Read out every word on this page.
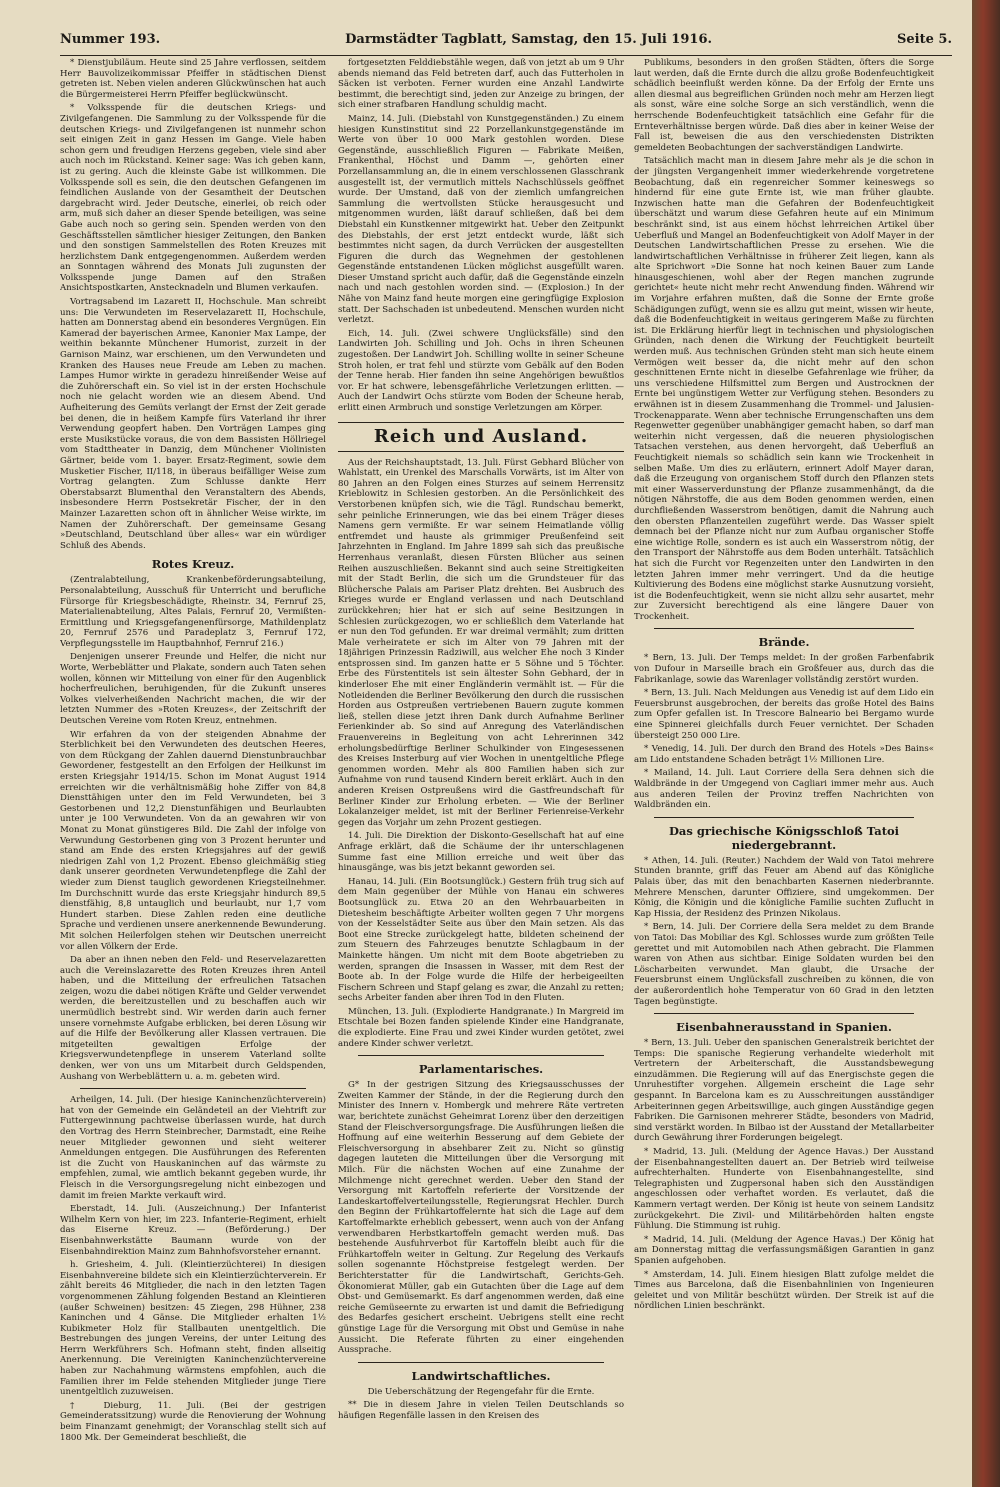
Nummer 193.	Darmstädter Tagblatt, Samstag, den 15. Juli 1916.	Seite 5.

* Dienstjubiläum. Heute sind 25 Jahre verflossen, seitdem Herr Bauvolizeikommissar Pfeiffer in städtischen Dienst getreten ist. Neben vielen anderen Glückwünschen hat auch die Bürgermeisterei Herrn Pfeiffer beglückwünscht.

* Volksspende für die deutschen Kriegs- und Zivilgefangenen. Die Sammlung zu der Volksspende für die deutschen Kriegs- und Zivilgefangenen ist nunmehr schon seit einigen Zeit in ganz Hessen im Gange. Viele haben schon gern und freudigen Herzens gegeben, viele sind aber auch noch im Rückstand. Keiner sage: Was ich geben kann, ist zu gering. Auch die kleinste Gabe ist willkommen. Die Volksspende soll es sein, die den deutschen Gefangenen im feindlichen Auslande von der Gesamtheit der Deutschen dargebracht wird. Jeder Deutsche, einerlei, ob reich oder arm, muß sich daher an dieser Spende beteiligen, was seine Gabe auch noch so gering sein. Spenden werden von den Geschäftsstellen sämtlicher hiesiger Zeitungen, den Banken und den sonstigen Sammelstellen des Roten Kreuzes mit herzlichstem Dank entgegengenommen. Außerdem werden an Sonntagen während des Monats Juli zugunsten der Volksspende junge Damen auf den Straßen Ansichtspostkarten, Anstecknadeln und Blumen verkaufen.

Vortragsabend im Lazarett II, Hochschule. Man schreibt uns: Die Verwundeten im Reservelazarett II, Hochschule, hatten am Donnerstag abend ein besonderes Vergnügen. Ein Kamerad der bayerischen Armee, Kanonier Max Lampe, der weithin bekannte Münchener Humorist, zurzeit in der Garnison Mainz, war erschienen, um den Verwundeten und Kranken des Hauses neue Freude am Leben zu machen. Lampes Humor wirkte in geradezu hinreißender Weise auf die Zuhörerschaft ein. So viel ist in der ersten Hochschule noch nie gelacht worden wie an diesem Abend. Und Aufheiterung des Gemüts verlangt der Ernst der Zeit gerade bei denen, die in heißem Kampfe fürs Vaterland ihr ihrer Verwendung geopfert haben. Den Vorträgen Lampes ging erste Musikstücke voraus, die von dem Bassisten Höllriegel vom Stadttheater in Danzig, dem Münchener Violinisten Gärtner, beide vom 1. bayer. Ersatz-Regiment, sowie dem Musketier Fischer, II/118, in überaus beifälliger Weise zum Vortrag gelangten. Zum Schlusse dankte Herr Oberstabsarzt Blumenthal den Veranstaltern des Abends, insbesondere Herrn Postsekretär Fischer, der in den Mainzer Lazaretten schon oft in ähnlicher Weise wirkte, im Namen der Zuhörerschaft. Der gemeinsame Gesang »Deutschland, Deutschland über alles« war ein würdiger Schluß des Abends.

Rotes Kreuz.

(Zentralabteilung, Krankenbeförderungsabteilung, Personalabteilung, Ausschuß für Unterricht und berufliche Fürsorge für Kriegsbeschädigte, Rheinstr. 34, Fernruf 25, Materialienabteilung, Altes Palais, Fernruf 20, Vermißten-Ermittlung und Kriegsgefangenenfürsorge, Mathildenplatz 20, Fernruf 2576 und Paradeplatz 3, Fernruf 172, Verpflegungsstelle im Hauptbahnhof, Fernruf 216.)

Denjenigen unserer Freunde und Helfer, die nicht nur Worte, Werbeblätter und Plakate, sondern auch Taten sehen wollen, können wir Mitteilung von einer für den Augenblick hocherfreulichen, beruhigenden, für die Zukunft unseres Volkes vielverheißenden Nachricht machen, die wir der letzten Nummer des »Roten Kreuzes«, der Zeitschrift der Deutschen Vereine vom Roten Kreuz, entnehmen.

Wir erfahren da von der steigenden Abnahme der Sterblichkeit bei den Verwundeten des deutschen Heeres, von dem Rückgang der Zahlen dauernd Dienstunbrauchbar Gewordener, festgestellt an den Erfolgen der Heilkunst im ersten Kriegsjahr 1914/15. Schon im Monat August 1914 erreichten wir die verhältnismäßig hohe Ziffer von 84,8 Diensttähigen unter den im Feld Verwundeten, bei 3 Gestorbenen und 12,2 Dienstunfähigen und Beurlaubten unter je 100 Verwundeten. Von da an gewahren wir von Monat zu Monat günstigeres Bild. Die Zahl der infolge von Verwundung Gestorbenen ging von 3 Prozent herunter und stand am Ende des ersten Kriegsjahres auf der gewiß niedrigen Zahl von 1,2 Prozent. Ebenso gleichmäßig stieg dank unserer geordneten Verwundetenpflege die Zahl der wieder zum Dienst tauglich gewordenen Kriegsteilnehmer. Im Durchschnitt wurde das erste Kriegsjahr hindurch 89,5 dienstfähig, 8,8 untauglich und beurlaubt, nur 1,7 vom Hundert starben. Diese Zahlen reden eine deutliche Sprache und verdienen unsere anerkennende Bewunderung. Mit solchen Heilerfolgen stehen wir Deutschen unerreicht vor allen Völkern der Erde.

Da aber an ihnen neben den Feld- und Reservelazaretten auch die Vereinslazarette des Roten Kreuzes ihren Anteil haben, und die Mitteilung der erfreulichen Tatsachen zeigen, wozu die dabei nötigen Kräfte und Gelder verwendet werden, die bereitzustellen und zu beschaffen auch wir unermüdlich bestrebt sind. Wir werden darin auch ferner unsere vornehmste Aufgabe erblicken, bei deren Lösung wir auf die Hilfe der Bevölkerung aller Klassen vertrauen. Die mitgeteilten gewaltigen Erfolge der Kriegsverwundetenpflege in unserem Vaterland sollte denken, wer von uns um Mitarbeit durch Geldspenden, Aushang von Werbeblättern u. a. m. gebeten wird.

Arheilgen, 14. Juli. (Der hiesige Kaninchenzüchterverein) hat von der Gemeinde ein Geländeteil an der Viehtrift zur Futtergewinnung pachtweise überlassen wurde, hat durch den Vortrag des Herrn Steinbrecher, Darmstadt, eine Reihe neuer Mitglieder gewonnen und sieht weiterer Anmeldungen entgegen. Die Ausführungen des Referenten ist die Zucht von Hauskaninchen auf das wärmste zu empfehlen, zumal, wie amtlich bekannt gegeben wurde, ihr Fleisch in die Versorgungsregelung nicht einbezogen und damit im freien Markte verkauft wird.

Eberstadt, 14. Juli. (Auszeichnung.) Der Infanterist Wilhelm Kern von hier, im 223. Infanterie-Regiment, erhielt das Eiserne Kreuz. — (Beförderung.) Der Eisenbahnwerkstätte Baumann wurde von der Eisenbahndirektion Mainz zum Bahnhofsvorsteher ernannt.

h. Griesheim, 4. Juli. (Kleintierzüchterei) In diesigen Eisenbahnvereine bildete sich ein Kleintierzüchterverein. Er zählt bereits 46 Mitglieder, die nach in den letzten Tagen vorgenommenen Zählung folgenden Bestand an Kleintieren (außer Schweinen) besitzen: 45 Ziegen, 298 Hühner, 238 Kaninchen und 4 Gänse. Die Mitglieder erhalten 1½ Kubikmeter Holz für Stallbauten unentgeltlich. Die Bestrebungen des jungen Vereins, der unter Leitung des Herrn Werkführers Sch. Hofmann steht, finden allseitig Anerkennung. Die Vereinigten Kaninchenzüchtervereine haben zur Nachahmung wärmstens empfohlen, auch die Familien ihrer im Felde stehenden Mitglieder junge Tiere unentgeltlich zuzuweisen.

† Dieburg, 11. Juli. (Bei der gestrigen Gemeinderatssitzung) wurde die Renovierung der Wohnung beim Finanzamt genehmigt; der Voranschlag stellt sich auf 1800 Mk. Der Gemeinderat beschließt, die

fortgesetzten Felddiebstähle wegen, daß von jetzt ab um 9 Uhr abends niemand das Feld betreten darf, auch das Futterholen in Säcken ist verboten. Ferner wurden eine Anzahl Landwirte bestimmt, die berechtigt sind, jeden zur Anzeige zu bringen, der sich einer strafbaren Handlung schuldig macht.

Mainz, 14. Juli. (Diebstahl von Kunstgegenständen.) Zu einem hiesigen Kunstinstitut sind 22 Porzellankunstgegenstände im Werte von über 10 000 Mark gestohlen worden. Diese Gegenstände, ausschließlich Figuren — Fabrikate Meißen, Frankenthal, Höchst und Damm —, gehörten einer Porzellansammlung an, die in einem verschlossenen Glasschrank ausgestellt ist, der vermutlich mittels Nachschlüssels geöffnet wurde. Der Umstand, daß von der ziemlich umfangreichen Sammlung die wertvollsten Stücke herausgesucht und mitgenommen wurden, läßt darauf schließen, daß bei dem Diebstahl ein Kunstkenner mitgewirkt hat. Ueber den Zeitpunkt des Diebstahls, der erst jetzt entdeckt wurde, läßt sich bestimmtes nicht sagen, da durch Verrücken der ausgestellten Figuren die durch das Wegnehmen der gestohlenen Gegenstände entstandenen Lücken möglichst ausgefüllt waren. Dieser Umstand spricht auch dafür, daß die Gegenstände einzeln nach und nach gestohlen worden sind. — (Explosion.) In der Nähe von Mainz fand heute morgen eine geringfügige Explosion statt. Der Sachschaden ist unbedeutend. Menschen wurden nicht verletzt.

Eich, 14. Juli. (Zwei schwere Unglücksfälle) sind den Landwirten Joh. Schilling und Joh. Ochs in ihren Scheunen zugestoßen. Der Landwirt Joh. Schilling wollte in seiner Scheune Stroh holen, er trat fehl und stürzte vom Gebälk auf den Boden der Tenne herab. Hier fanden ihn seine Angehörigen bewußtlos vor. Er hat schwere, lebensgefährliche Verletzungen erlitten. — Auch der Landwirt Ochs stürzte vom Boden der Scheune herab, erlitt einen Armbruch und sonstige Verletzungen am Körper.

Reich und Ausland.

Aus der Reichshauptstadt, 13. Juli. Fürst Gebhard Blücher von Wahlstatt, ein Urenkel des Marschalls Vorwärts, ist im Alter von 80 Jahren an den Folgen eines Sturzes auf seinem Herrensitz Krieblowitz in Schlesien gestorben. An die Persönlichkeit des Verstorbenen knüpfen sich, wie die Tägl. Rundschau bemerkt, sehr peinliche Erinnerungen, wie das bei einem Träger dieses Namens gern vermißte. Er war seinem Heimatlande völlig entfremdet und hauste als grimmiger Preußenfeind seit Jahrzehnten in England. Im Jahre 1899 sah sich das preußische Herrenhaus veranlaßt, diesen Fürsten Blücher aus seinen Reihen auszuschließen. Bekannt sind auch seine Streitigkeiten mit der Stadt Berlin, die sich um die Grundsteuer für das Blüchersche Palais am Pariser Platz drehten. Bei Ausbruch des Krieges wurde er England verlassen und nach Deutschland zurückkehren; hier hat er sich auf seine Besitzungen in Schlesien zurückgezogen, wo er schließlich dem Vaterlande hat er nun den Tod gefunden. Er war dreimal vermählt; zum dritten Male verheiratete er sich im Alter von 79 Jahren mit der 18jährigen Prinzessin Radziwill, aus welcher Ehe noch 3 Kinder entsprossen sind. Im ganzen hatte er 5 Söhne und 5 Töchter. Erbe des Fürstentitels ist sein ältester Sohn Gebhard, der in kinderloser Ehe mit einer Engländerin vermählt ist. — Für die Notleidenden die Berliner Bevölkerung den durch die russischen Horden aus Ostpreußen vertriebenen Bauern zugute kommen ließ, stellen diese jetzt ihren Dank durch Aufnahme Berliner Ferienkinder ab. So sind auf Anregung des Vaterländischen Frauenvereins in Begleitung von acht Lehrerinnen 342 erholungsbedürftige Berliner Schulkinder von Eingesessenen des Kreises Insterburg auf vier Wochen in unentgeltliche Pflege genommen worden. Mehr als 800 Familien haben sich zur Aufnahme von rund tausend Kindern bereit erklärt. Auch in den anderen Kreisen Ostpreußens wird die Gastfreundschaft für Berliner Kinder zur Erholung erbeten. — Wie der Berliner Lokalanzeiger meldet, ist mit der Berliner Ferienreise-Verkehr gegen das Vorjahr um zehn Prozent gestiegen.

14. Juli. Die Direktion der Diskonto-Gesellschaft hat auf eine Anfrage erklärt, daß die Schäume der ihr unterschlagenen Summe fast eine Million erreiche und weit über das hinausgänge, was bis jetzt bekannt geworden sei.

Hanau, 14. Juli. (Ein Bootsunglück.) Gestern früh trug sich auf dem Main gegenüber der Mühle von Hanau ein schweres Bootsunglück zu. Etwa 20 an den Wehrbauarbeiten in Dietesheim beschäftigte Arbeiter wollten gegen 7 Uhr morgens von der Kesselstädter Seite aus über den Main setzen. Als das Boot eine Strecke zurückgelegt hatte, bildeten scheinend der zum Steuern des Fahrzeuges benutzte Schlagbaum in der Mainkette hängen. Um nicht mit dem Boote abgetrieben zu werden, sprangen die Insassen in Wasser, mit dem Rest der Boote ab. In der Folge wurde die Hilfe der herbeigeeilten Fischern Schreen und Stapf gelang es zwar, die Anzahl zu retten; sechs Arbeiter fanden aber ihren Tod in den Fluten.

München, 13. Juli. (Explodierte Handgranate.) In Margreid im Etschtale bei Bozen fanden spielende Kinder eine Handgranate, die explodierte. Eine Frau und zwei Kinder wurden getötet, zwei andere Kinder schwer verletzt.

Parlamentarisches.

G* In der gestrigen Sitzung des Kriegsausschusses der Zweiten Kammer der Stände, in der die Regierung durch den Minister des Innern v. Hombergk und mehrere Räte vertreten war, berichtete zunächst Geheimrat Lorenz über den derzeitigen Stand der Fleischversorgungsfrage. Die Ausführungen ließen die Hoffnung auf eine weiterhin Besserung auf dem Gebiete der Fleischversorgung in absehbarer Zeit zu. Nicht so günstig dagegen lauteten die Mitteilungen über die Versorgung mit Milch. Für die nächsten Wochen auf eine Zunahme der Milchmenge nicht gerechnet werden. Ueber den Stand der Versorgung mit Kartoffeln referierte der Vorsitzende der Landeskartoffelverteilungsstelle, Regierungsrat Hechler. Durch den Beginn der Frühkartoffelernte hat sich die Lage auf dem Kartoffelmarkte erheblich gebessert, wenn auch von der Anfang verwendbaren Herbstkartoffeln gemacht werden muß. Das bestehende Ausfuhrverbot für Kartoffeln bleibt auch für die Frühkartoffeln weiter in Geltung. Zur Regelung des Verkaufs sollen sogenannte Höchstpreise festgelegt werden. Der Berichterstatter für die Landwirtschaft, Gerichts-Geh. Ökonomierat Müller, gab ein Gutachten über die Lage auf dem Obst- und Gemüsemarkt. Es darf angenommen werden, daß eine reiche Gemüseernte zu erwarten ist und damit die Befriedigung des Bedarfes gesichert erscheint. Uebrigens stellt eine recht günstige Lage für die Versorgung mit Obst und Gemüse in nahe Aussicht. Die Referate führten zu einer eingehenden Aussprache.

Landwirtschaftliches.
Die Ueberschätzung der Regengefahr für die Ernte.

** Die in diesem Jahre in vielen Teilen Deutschlands so häufigen Regenfälle lassen in den Kreisen des

Publikums, besonders in den großen Städten, öfters die Sorge laut werden, daß die Ernte durch die allzu große Bodenfeuchtigkeit schädlich beeinflußt werden könne. Da der Erfolg der Ernte uns allen diesmal aus begreiflichen Gründen noch mehr am Herzen liegt als sonst, wäre eine solche Sorge an sich verständlich, wenn die herrschende Bodenfeuchtigkeit tatsächlich eine Gefahr für die Ernteverhältnisse bergen würde. Daß dies aber in keiner Weise der Fall ist, beweisen die aus den verschiedensten Distrikten gemeldeten Beobachtungen der sachverständigen Landwirte.

Tatsächlich macht man in diesem Jahre mehr als je die schon in der jüngsten Vergangenheit immer wiederkehrende vorgetretene Beobachtung, daß ein regenreicher Sommer keineswegs so hindernd für eine gute Ernte ist, wie man früher glaubte. Inzwischen hatte man die Gefahren der Bodenfeuchtigkeit überschätzt und warum diese Gefahren heute auf ein Minimum beschränkt sind, ist aus einem höchst lehrreichen Artikel über Ueberfluß und Mangel an Bodenfeuchtigkeit von Adolf Mayer in der Deutschen Landwirtschaftlichen Presse zu ersehen. Wie die landwirtschaftlichen Verhältnisse in früherer Zeit liegen, kann als alte Sprichwort »Die Sonne hat noch keinen Bauer zum Lande hinausgeschienen, wohl aber der Regen manchen zugrunde gerichtet« heute nicht mehr recht Anwendung finden. Während wir im Vorjahre erfahren mußten, daß die Sonne der Ernte große Schädigungen zufügt, wenn sie es allzu gut meint, wissen wir heute, daß die Bodenfeuchtigkeit in weitaus geringerem Maße zu fürchten ist. Die Erklärung hierfür liegt in technischen und physiologischen Gründen, nach denen die Wirkung der Feuchtigkeit beurteilt werden muß. Aus technischen Gründen steht man sich heute einem Vermögen weit besser da, die nicht mehr auf den schon geschnittenen Ernte nicht in dieselbe Gefahrenlage wie früher, da uns verschiedene Hilfsmittel zum Bergen und Austrocknen der Ernte bei ungünstigem Wetter zur Verfügung stehen. Besonders zu erwähnen ist in diesem Zusammenhang die Trommel- und Jalusien-Trockenapparate. Wenn aber technische Errungenschaften uns dem Regenwetter gegenüber unabhängiger gemacht haben, so darf man weiterhin nicht vergessen, daß die neueren physiologischen Tatsachen verstehen, aus denen hervorgeht, daß Ueberfluß an Feuchtigkeit niemals so schädlich sein kann wie Trockenheit in selben Maße. Um dies zu erläutern, erinnert Adolf Mayer daran, daß die Erzeugung von organischem Stoff durch den Pflanzen stets mit einer Wasserverdunstung der Pflanze zusammenhängt, da die nötigen Nährstoffe, die aus dem Boden genommen werden, einen durchfließenden Wasserstrom benötigen, damit die Nahrung auch den obersten Pflanzenteilen zugeführt werde. Das Wasser spielt demnach bei der Pflanze nicht nur zum Aufbau organischer Stoffe eine wichtige Rolle, sondern es ist auch ein Wasserstrom nötig, der den Transport der Nährstoffe aus dem Boden unterhält. Tatsächlich hat sich die Furcht vor Regenzeiten unter den Landwirten in den letzten Jahren immer mehr verringert. Und da die heutige Kultivierung des Bodens eine möglichst starke Ausnutzung vorsieht, ist die Bodenfeuchtigkeit, wenn sie nicht allzu sehr ausartet, mehr zur Zuversicht berechtigend als eine längere Dauer von Trockenheit.

Brände.

* Bern, 13. Juli. Der Temps meldet: In der großen Farbenfabrik von Dufour in Marseille brach ein Großfeuer aus, durch das die Fabrikanlage, sowie das Warenlager vollständig zerstört wurden.

* Bern, 13. Juli. Nach Meldungen aus Venedig ist auf dem Lido ein Feuersbrunst ausgebrochen, der bereits das große Hotel des Bains zum Opfer gefallen ist. In Trescore Balneario bei Bergamo wurde eine Spinnerei gleichfalls durch Feuer vernichtet. Der Schaden übersteigt 250 000 Lire.

* Venedig, 14. Juli. Der durch den Brand des Hotels »Des Bains« am Lido entstandene Schaden beträgt 1½ Millionen Lire.

* Mailand, 14. Juli. Laut Corriere della Sera dehnen sich die Waldbrände in der Umgegend von Cagliari immer mehr aus. Auch aus anderen Teilen der Provinz treffen Nachrichten von Waldbränden ein.

Das griechische Königsschloß Tatoi niedergebrannt.

* Athen, 14. Juli. (Reuter.) Nachdem der Wald von Tatoi mehrere Stunden brannte, griff das Feuer am Abend auf das Königliche Palais über, das mit den benachbarten Kasernen niederbrannte. Mehrere Menschen, darunter Offiziere, sind umgekommen. Der König, die Königin und die königliche Familie suchten Zuflucht in Kap Hissia, der Residenz des Prinzen Nikolaus.

* Bern, 14. Juli. Der Corriere della Sera meldet zu dem Brande von Tatoi: Das Mobiliar des Kgl. Schlosses wurde zum größten Teile gerettet und mit Automobilen nach Athen gebracht. Die Flammen waren von Athen aus sichtbar. Einige Soldaten wurden bei den Löscharbeiten verwundet. Man glaubt, die Ursache der Feuersbrunst einem Unglücksfall zuschreiben zu können, die von der außerordentlich hohe Temperatur von 60 Grad in den letzten Tagen begünstigte.

Eisenbahnerausstand in Spanien.

* Bern, 13. Juli. Ueber den spanischen Generalstreik berichtet der Temps: Die spanische Regierung verhandelte wiederholt mit Vertretern der Arbeiterschaft, die Ausstandsbewegung einzudämmen. Die Regierung will auf das Energischste gegen die Unruhestifter vorgehen. Allgemein erscheint die Lage sehr gespannt. In Barcelona kam es zu Ausschreitungen ausständiger Arbeiterinnen gegen Arbeitswillige, auch gingen Ausständige gegen Fabriken. Die Garnisonen mehrerer Städte, besonders von Madrid, sind verstärkt worden. In Bilbao ist der Ausstand der Metallarbeiter durch Gewährung ihrer Forderungen beigelegt.

* Madrid, 13. Juli. (Meldung der Agence Havas.) Der Ausstand der Eisenbahnangestellten dauert an. Der Betrieb wird teilweise aufrechterhalten. Hunderte von Eisenbahnangestellte, sind Telegraphisten und Zugpersonal haben sich den Ausständigen angeschlossen oder verhaftet worden. Es verlautet, daß die Kammern vertagt werden. Der König ist heute von seinem Landsitz zurückgekehrt. Die Zivil- und Militärbehörden halten engste Fühlung. Die Stimmung ist ruhig.

* Madrid, 14. Juli. (Meldung der Agence Havas.) Der König hat am Donnerstag mittag die verfassungsmäßigen Garantien in ganz Spanien aufgehoben.

* Amsterdam, 14. Juli. Einem hiesigen Blatt zufolge meldet die Times aus Barcelona, daß die Eisenbahnlinien von Ingenieuren geleitet und von Militär beschützt würden. Der Streik ist auf die nördlichen Linien beschränkt.
